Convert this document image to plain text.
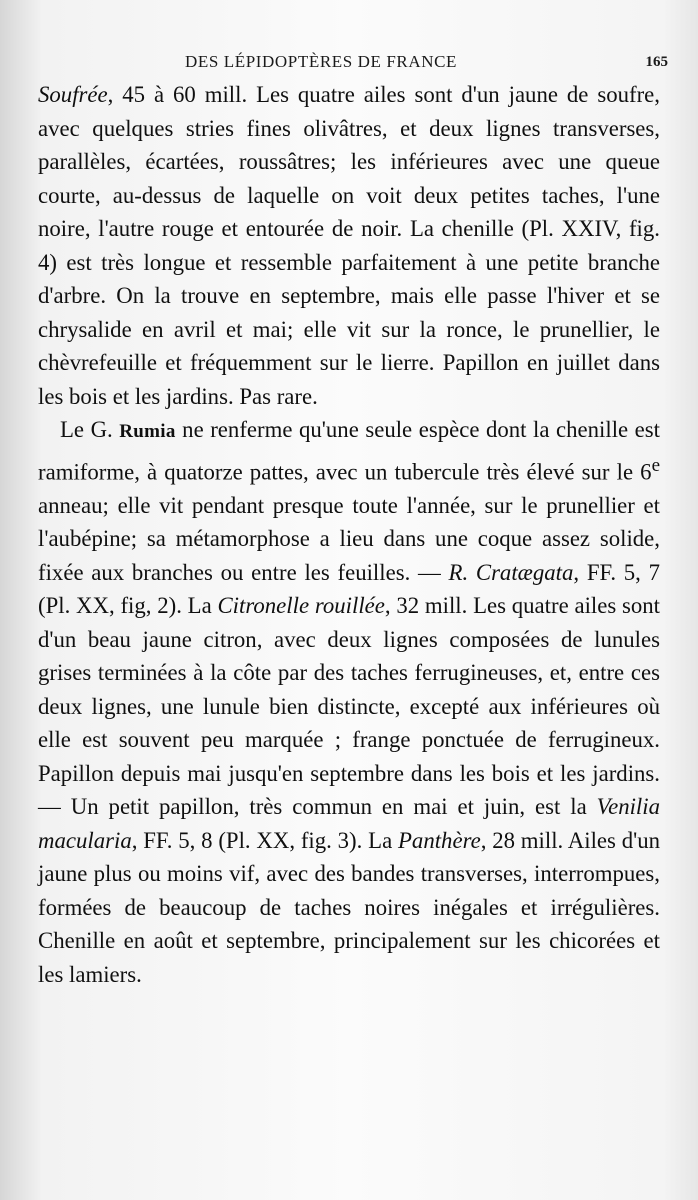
DES LÉPIDOPTÈRES DE FRANCE	165

Soufrée, 45 à 60 mill. Les quatre ailes sont d'un jaune de soufre, avec quelques stries fines olivâtres, et deux lignes transverses, parallèles, écartées, roussâtres; les inférieures avec une queue courte, au-dessus de laquelle on voit deux petites taches, l'une noire, l'autre rouge et entourée de noir. La chenille (Pl. XXIV, fig. 4) est très longue et ressemble parfaitement à une petite branche d'arbre. On la trouve en septembre, mais elle passe l'hiver et se chrysalide en avril et mai; elle vit sur la ronce, le prunellier, le chèvrefeuille et fréquemment sur le lierre. Papillon en juillet dans les bois et les jardins. Pas rare.

Le G. Rumia ne renferme qu'une seule espèce dont la chenille est ramiforme, à quatorze pattes, avec un tubercule très élevé sur le 6e anneau; elle vit pendant presque toute l'année, sur le prunellier et l'aubépine; sa métamorphose a lieu dans une coque assez solide, fixée aux branches ou entre les feuilles. — R. Cratægata, FF. 5, 7 (Pl. XX, fig, 2). La Citronelle rouillée, 32 mill. Les quatre ailes sont d'un beau jaune citron, avec deux lignes composées de lunules grises terminées à la côte par des taches ferrugineuses, et, entre ces deux lignes, une lunule bien distincte, excepté aux inférieures où elle est souvent peu marquée ; frange ponctuée de ferrugineux. Papillon depuis mai jusqu'en septembre dans les bois et les jardins. — Un petit papillon, très commun en mai et juin, est la Venilia macularia, FF. 5, 8 (Pl. XX, fig. 3). La Panthère, 28 mill. Ailes d'un jaune plus ou moins vif, avec des bandes transverses, interrompues, formées de beaucoup de taches noires inégales et irrégulières. Chenille en août et septembre, principalement sur les chicorées et les lamiers.
